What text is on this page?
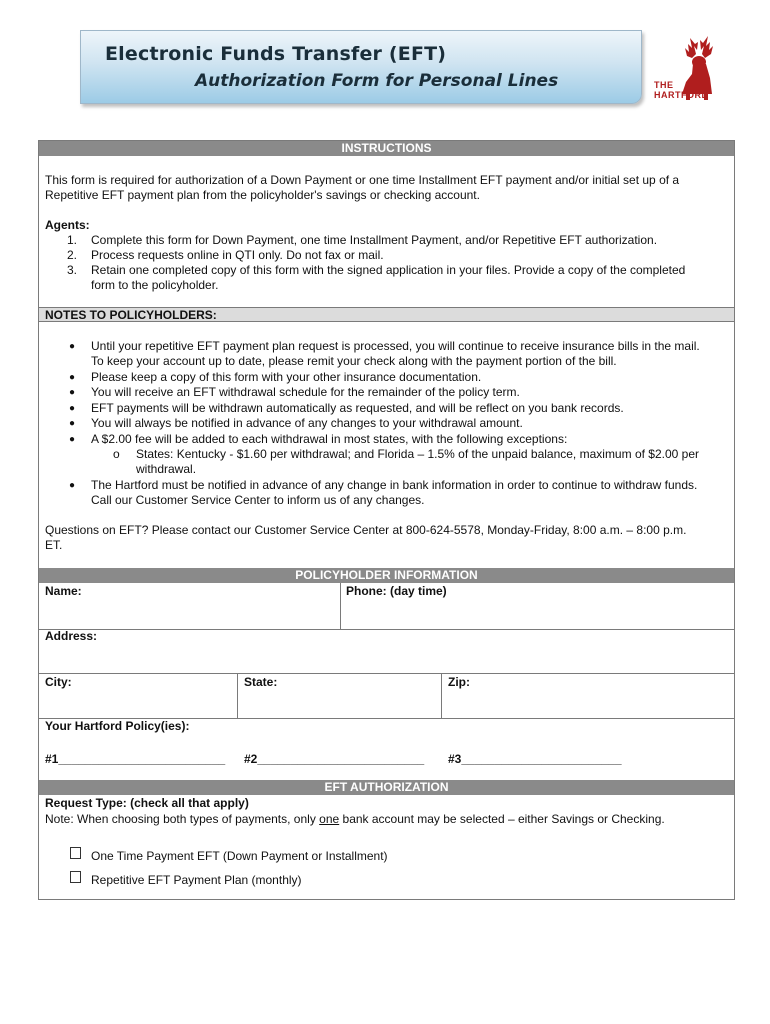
Electronic Funds Transfer (EFT)
Authorization Form for Personal Lines	THE
HARTFORD
INSTRUCTIONS
This form is required for authorization of a Down Payment or one time Installment EFT payment and/or initial set up of a
Repetitive EFT payment plan from the policyholder's savings or checking account.
Agents:
1. Complete this form for Down Payment, one time Installment Payment, and/or Repetitive EFT authorization.
2. Process requests online in QTI only. Do not fax or mail.
3. Retain one completed copy of this form with the signed application in your files. Provide a copy of the completed
form to the policyholder.
NOTES TO POLICYHOLDERS:
● Until your repetitive EFT payment plan request is processed, you will continue to receive insurance bills in the mail.
To keep your account up to date, please remit your check along with the payment portion of the bill.
● Please keep a copy of this form with your other insurance documentation.
● You will receive an EFT withdrawal schedule for the remainder of the policy term.
● EFT payments will be withdrawn automatically as requested, and will be reflect on you bank records.
● You will always be notified in advance of any changes to your withdrawal amount.
● A $2.00 fee will be added to each withdrawal in most states, with the following exceptions:
o States: Kentucky - $1.60 per withdrawal; and Florida – 1.5% of the unpaid balance, maximum of $2.00 per
withdrawal.
● The Hartford must be notified in advance of any change in bank information in order to continue to withdraw funds.
Call our Customer Service Center to inform us of any changes.
Questions on EFT? Please contact our Customer Service Center at 800-624-5578, Monday-Friday, 8:00 a.m. – 8:00 p.m.
ET.
POLICYHOLDER INFORMATION
Name:	Phone: (day time)
Address:
City:	State:	Zip:
Your Hartford Policy(ies):
#1_________________________ #2_________________________ #3________________________
EFT AUTHORIZATION
Request Type: (check all that apply)
Note: When choosing both types of payments, only one bank account may be selected – either Savings or Checking.
One Time Payment EFT (Down Payment or Installment)
Repetitive EFT Payment Plan (monthly)
